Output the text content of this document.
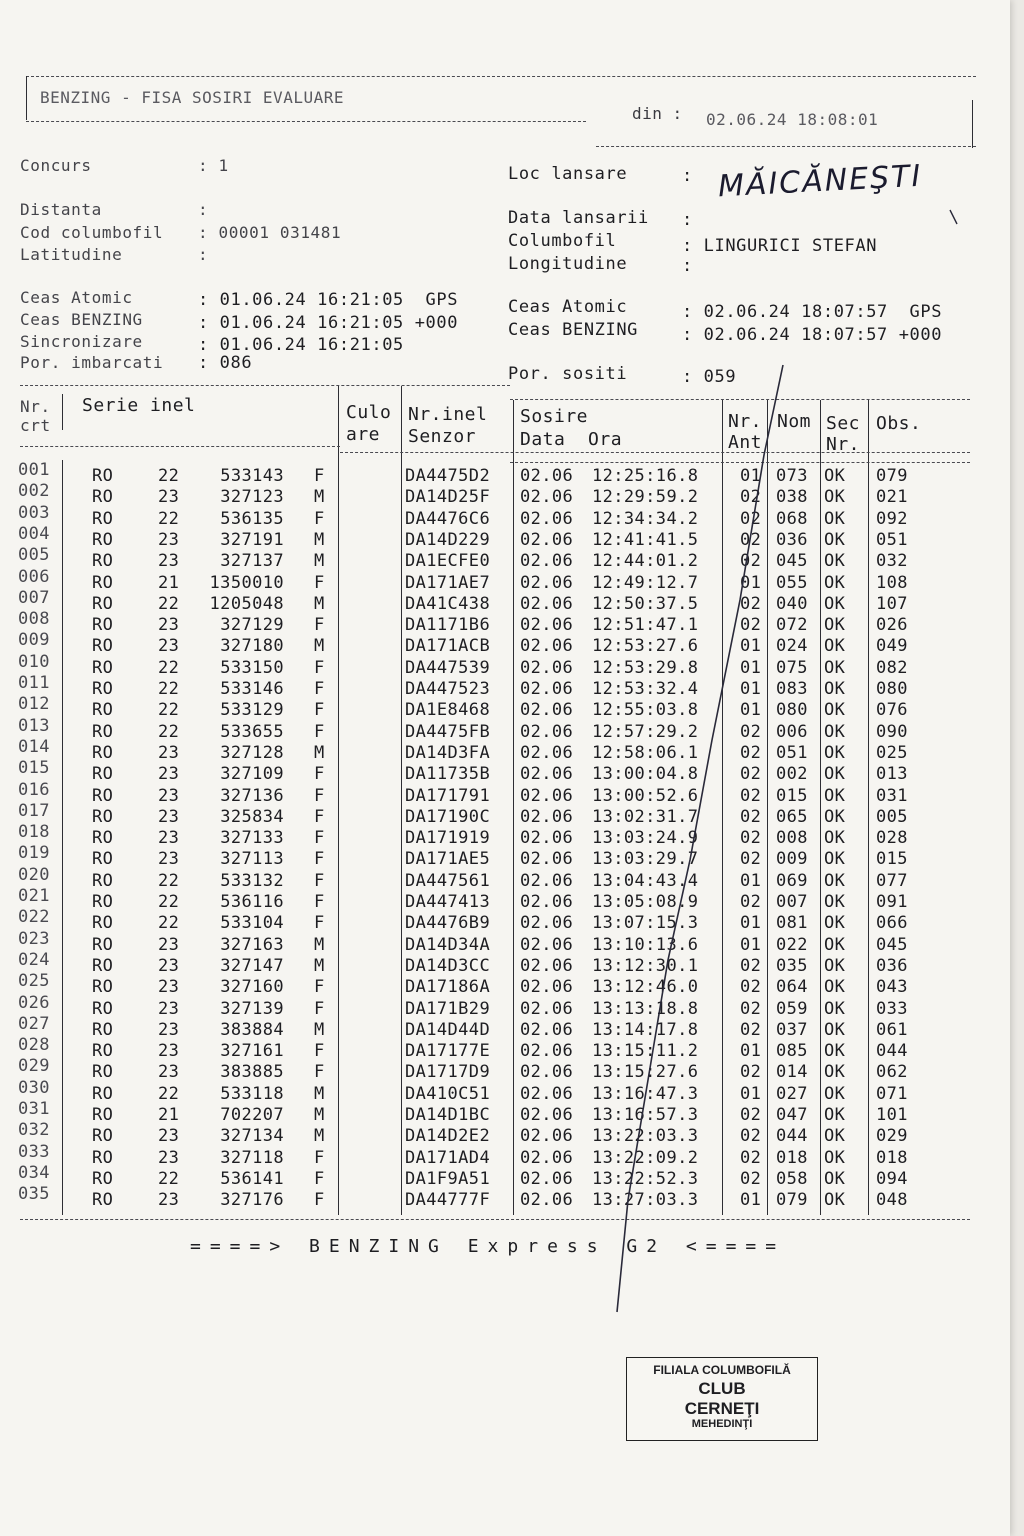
BENZING - FISA SOSIRI EVALUARE
din : 02.06.24 18:08:01
Concurs	: 1
Distanta	:
Cod columbofil : 00001 031481
Latitudine	:
Loc lansare	: MĂICĂNEŞTI
Data lansarii :
Columbofil	: LINGURICI STEFAN
Longitudine	:
Ceas Atomic	: 01.06.24 16:21:05  GPS
Ceas BENZING	: 01.06.24 16:21:05 +000
Sincronizare	: 01.06.24 16:21:05
Por. imbarcati : 086
Ceas Atomic	: 02.06.24 18:07:57  GPS
Ceas BENZING	: 02.06.24 18:07:57 +000
Por. sositi	: 059
Nr.
crt
Serie inel	Culo
are
Nr.inel
Senzor
Sosire
Data  Ora
Nr.
Ant
Nom Sec
Nr.
Obs.
001	RO	22	533143 F	DA4475D2	02.06	12:25:16.8	01 073 OK	079
002	RO	23	327123 M	DA14D25F	02.06	12:29:59.2	02 038 OK	021
003	RO	22	536135 F	DA4476C6	02.06	12:34:34.2	02 068 OK	092
004	RO	23	327191 M	DA14D229	02.06	12:41:41.5	02 036 OK	051
005	RO	23	327137 M	DA1ECFE0	02.06	12:44:01.2	02 045 OK	032
006	RO	21	1350010 F	DA171AE7	02.06	12:49:12.7	01 055 OK	108
007	RO	22	1205048 M	DA41C438	02.06	12:50:37.5	02 040 OK	107
008	RO	23	327129 F	DA1171B6	02.06	12:51:47.1	02 072 OK	026
009	RO	23	327180 M	DA171ACB	02.06	12:53:27.6	01 024 OK	049
010	RO	22	533150 F	DA447539	02.06	12:53:29.8	01 075 OK	082
011	RO	22	533146 F	DA447523	02.06	12:53:32.4	01 083 OK	080
012	RO	22	533129 F	DA1E8468	02.06	12:55:03.8	01 080 OK	076
013	RO	22	533655 F	DA4475FB	02.06	12:57:29.2	02 006 OK	090
014	RO	23	327128 M	DA14D3FA	02.06	12:58:06.1	02 051 OK	025
015	RO	23	327109 F	DA11735B	02.06	13:00:04.8	02 002 OK	013
016	RO	23	327136 F	DA171791	02.06	13:00:52.6	02 015 OK	031
017	RO	23	325834 F	DA17190C	02.06	13:02:31.7	02 065 OK	005
018	RO	23	327133 F	DA171919	02.06	13:03:24.9	02 008 OK	028
019	RO	23	327113 F	DA171AE5	02.06	13:03:29.7	02 009 OK	015
020	RO	22	533132 F	DA447561	02.06	13:04:43.4	01 069 OK	077
021	RO	22	536116 F	DA447413	02.06	13:05:08.9	02 007 OK	091
022	RO	22	533104 F	DA4476B9	02.06	13:07:15.3	01 081 OK	066
023	RO	23	327163 M	DA14D34A	02.06	13:10:13.6	01 022 OK	045
024	RO	23	327147 M	DA14D3CC	02.06	13:12:30.1	02 035 OK	036
025	RO	23	327160 F	DA17186A	02.06	13:12:46.0	02 064 OK	043
026	RO	23	327139 F	DA171B29	02.06	13:13:18.8	02 059 OK	033
027	RO	23	383884 M	DA14D44D	02.06	13:14:17.8	02 037 OK	061
028	RO	23	327161 F	DA17177E	02.06	13:15:11.2	01 085 OK	044
029	RO	23	383885 F	DA1717D9	02.06	13:15:27.6	02 014 OK	062
030	RO	22	533118 M	DA410C51	02.06	13:16:47.3	01 027 OK	071
031	RO	21	702207 M	DA14D1BC	02.06	13:16:57.3	02 047 OK	101
032	RO	23	327134 M	DA14D2E2	02.06	13:22:03.3	02 044 OK	029
033	RO	23	327118 F	DA171AD4	02.06	13:22:09.2	02 018 OK	018
034	RO	22	536141 F	DA1F9A51	02.06	13:22:52.3	02 058 OK	094
035	RO	23	327176 F	DA44777F	02.06	13:27:03.3	01 079 OK	048
====> BENZING Express G2 <====
FILIALA COLUMBOFILĂ
CLUB
CERNEŢI
MEHEDINŢI
